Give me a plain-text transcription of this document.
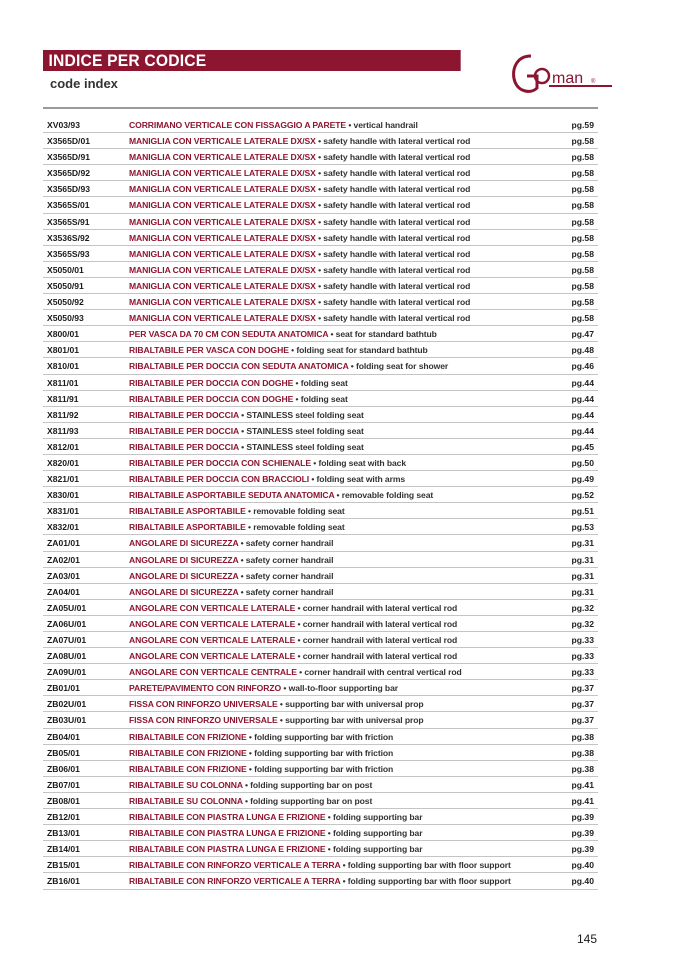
INDICE PER CODICE
code index	man ®
XV03/93	CORRIMANO VERTICALE CON FISSAGGIO A PARETE • vertical handrail	pg.59
X3565D/01	MANIGLIA CON VERTICALE LATERALE DX/SX • safety handle with lateral vertical rod	pg.58
X3565D/91	MANIGLIA CON VERTICALE LATERALE DX/SX • safety handle with lateral vertical rod	pg.58
X3565D/92	MANIGLIA CON VERTICALE LATERALE DX/SX • safety handle with lateral vertical rod	pg.58
X3565D/93	MANIGLIA CON VERTICALE LATERALE DX/SX • safety handle with lateral vertical rod	pg.58
X3565S/01	MANIGLIA CON VERTICALE LATERALE DX/SX • safety handle with lateral vertical rod	pg.58
X3565S/91	MANIGLIA CON VERTICALE LATERALE DX/SX • safety handle with lateral vertical rod	pg.58
X3536S/92	MANIGLIA CON VERTICALE LATERALE DX/SX • safety handle with lateral vertical rod	pg.58
X3565S/93	MANIGLIA CON VERTICALE LATERALE DX/SX • safety handle with lateral vertical rod	pg.58
X5050/01	MANIGLIA CON VERTICALE LATERALE DX/SX • safety handle with lateral vertical rod	pg.58
X5050/91	MANIGLIA CON VERTICALE LATERALE DX/SX • safety handle with lateral vertical rod	pg.58
X5050/92	MANIGLIA CON VERTICALE LATERALE DX/SX • safety handle with lateral vertical rod	pg.58
X5050/93	MANIGLIA CON VERTICALE LATERALE DX/SX • safety handle with lateral vertical rod	pg.58
X800/01	PER VASCA DA 70 CM CON SEDUTA ANATOMICA • seat for standard bathtub	pg.47
X801/01	RIBALTABILE PER VASCA CON DOGHE • folding seat for standard bathtub	pg.48
X810/01	RIBALTABILE PER DOCCIA CON SEDUTA ANATOMICA • folding seat for shower	pg.46
X811/01	RIBALTABILE PER DOCCIA CON DOGHE • folding seat	pg.44
X811/91	RIBALTABILE PER DOCCIA CON DOGHE • folding seat	pg.44
X811/92	RIBALTABILE PER DOCCIA • STAINLESS steel folding seat	pg.44
X811/93	RIBALTABILE PER DOCCIA • STAINLESS steel folding seat	pg.44
X812/01	RIBALTABILE PER DOCCIA • STAINLESS steel folding seat	pg.45
X820/01	RIBALTABILE PER DOCCIA CON SCHIENALE • folding seat with back	pg.50
X821/01	RIBALTABILE PER DOCCIA CON BRACCIOLI • folding seat with arms	pg.49
X830/01	RIBALTABILE ASPORTABILE SEDUTA ANATOMICA • removable folding seat	pg.52
X831/01	RIBALTABILE ASPORTABILE • removable folding seat	pg.51
X832/01	RIBALTABILE ASPORTABILE • removable folding seat	pg.53
ZA01/01	ANGOLARE DI SICUREZZA • safety corner handrail	pg.31
ZA02/01	ANGOLARE DI SICUREZZA • safety corner handrail	pg.31
ZA03/01	ANGOLARE DI SICUREZZA • safety corner handrail	pg.31
ZA04/01	ANGOLARE DI SICUREZZA • safety corner handrail	pg.31
ZA05U/01	ANGOLARE CON VERTICALE LATERALE • corner handrail with lateral vertical rod	pg.32
ZA06U/01	ANGOLARE CON VERTICALE LATERALE • corner handrail with lateral vertical rod	pg.32
ZA07U/01	ANGOLARE CON VERTICALE LATERALE • corner handrail with lateral vertical rod	pg.33
ZA08U/01	ANGOLARE CON VERTICALE LATERALE • corner handrail with lateral vertical rod	pg.33
ZA09U/01	ANGOLARE CON VERTICALE CENTRALE • corner handrail with central vertical rod	pg.33
ZB01/01	PARETE/PAVIMENTO CON RINFORZO • wall-to-floor supporting bar	pg.37
ZB02U/01	FISSA CON RINFORZO UNIVERSALE • supporting bar with universal prop	pg.37
ZB03U/01	FISSA CON RINFORZO UNIVERSALE • supporting bar with universal prop	pg.37
ZB04/01	RIBALTABILE CON FRIZIONE • folding supporting bar with friction	pg.38
ZB05/01	RIBALTABILE CON FRIZIONE • folding supporting bar with friction	pg.38
ZB06/01	RIBALTABILE CON FRIZIONE • folding supporting bar with friction	pg.38
ZB07/01	RIBALTABILE SU COLONNA • folding supporting bar on post	pg.41
ZB08/01	RIBALTABILE SU COLONNA • folding supporting bar on post	pg.41
ZB12/01	RIBALTABILE CON PIASTRA LUNGA E FRIZIONE • folding supporting bar	pg.39
ZB13/01	RIBALTABILE CON PIASTRA LUNGA E FRIZIONE • folding supporting bar	pg.39
ZB14/01	RIBALTABILE CON PIASTRA LUNGA E FRIZIONE • folding supporting bar	pg.39
ZB15/01	RIBALTABILE CON RINFORZO VERTICALE A TERRA • folding supporting bar with floor support	pg.40
ZB16/01	RIBALTABILE CON RINFORZO VERTICALE A TERRA • folding supporting bar with floor support	pg.40
145
